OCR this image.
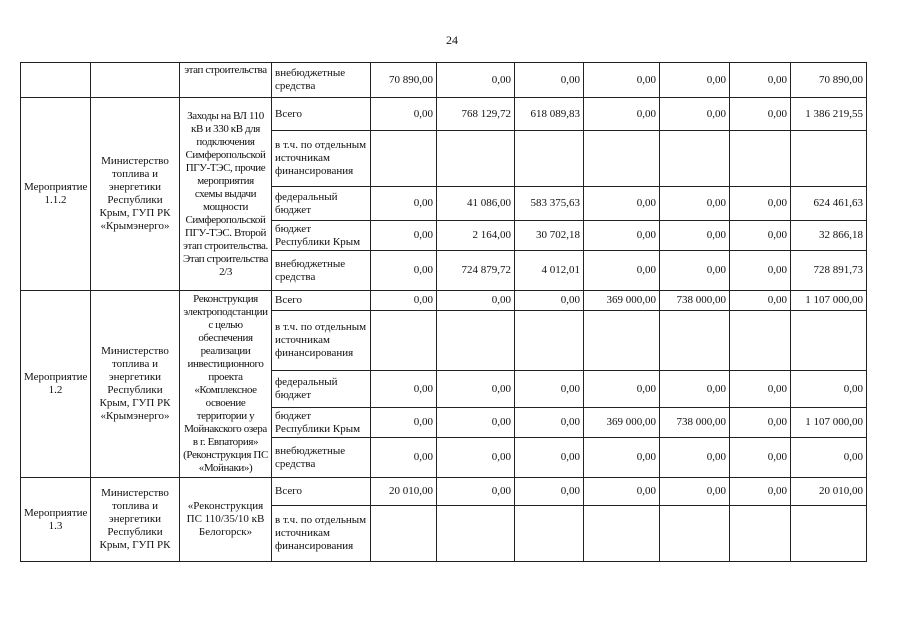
24
		этап строительства	внебюджетные средства	70 890,00	0,00	0,00	0,00	0,00	0,00	70 890,00
Мероприятие 1.1.2	Министерство топлива и энергетики Республики Крым, ГУП РК «Крымэнерго»	Заходы на ВЛ 110 кВ и 330 кВ для подключения Симферопольской ПГУ-ТЭС, прочие мероприятия схемы выдачи мощности Симферопольской ПГУ-ТЭС. Второй этап строительства. Этап строительства 2/3	Всего	0,00	768 129,72	618 089,83	0,00	0,00	0,00	1 386 219,55
			в т.ч. по отдельным источникам финансирования							
			федеральный бюджет	0,00	41 086,00	583 375,63	0,00	0,00	0,00	624 461,63
			бюджет Республики Крым	0,00	2 164,00	30 702,18	0,00	0,00	0,00	32 866,18
			внебюджетные средства	0,00	724 879,72	4 012,01	0,00	0,00	0,00	728 891,73
Мероприятие 1.2	Министерство топлива и энергетики Республики Крым, ГУП РК «Крымэнерго»	Реконструкция электроподстанции с целью обеспечения реализации инвестиционного проекта «Комплексное освоение территории у Мойнакского озера в г. Евпатория» (Реконструкция ПС «Мойнаки»)	Всего	0,00	0,00	0,00	369 000,00	738 000,00	0,00	1 107 000,00
			в т.ч. по отдельным источникам финансирования							
			федеральный бюджет	0,00	0,00	0,00	0,00	0,00	0,00	0,00
			бюджет Республики Крым	0,00	0,00	0,00	369 000,00	738 000,00	0,00	1 107 000,00
			внебюджетные средства	0,00	0,00	0,00	0,00	0,00	0,00	0,00
Мероприятие 1.3	Министерство топлива и энергетики Республики Крым, ГУП РК	«Реконструкция ПС 110/35/10 кВ Белогорск»	Всего	20 010,00	0,00	0,00	0,00	0,00	0,00	20 010,00
			в т.ч. по отдельным источникам финансирования							
